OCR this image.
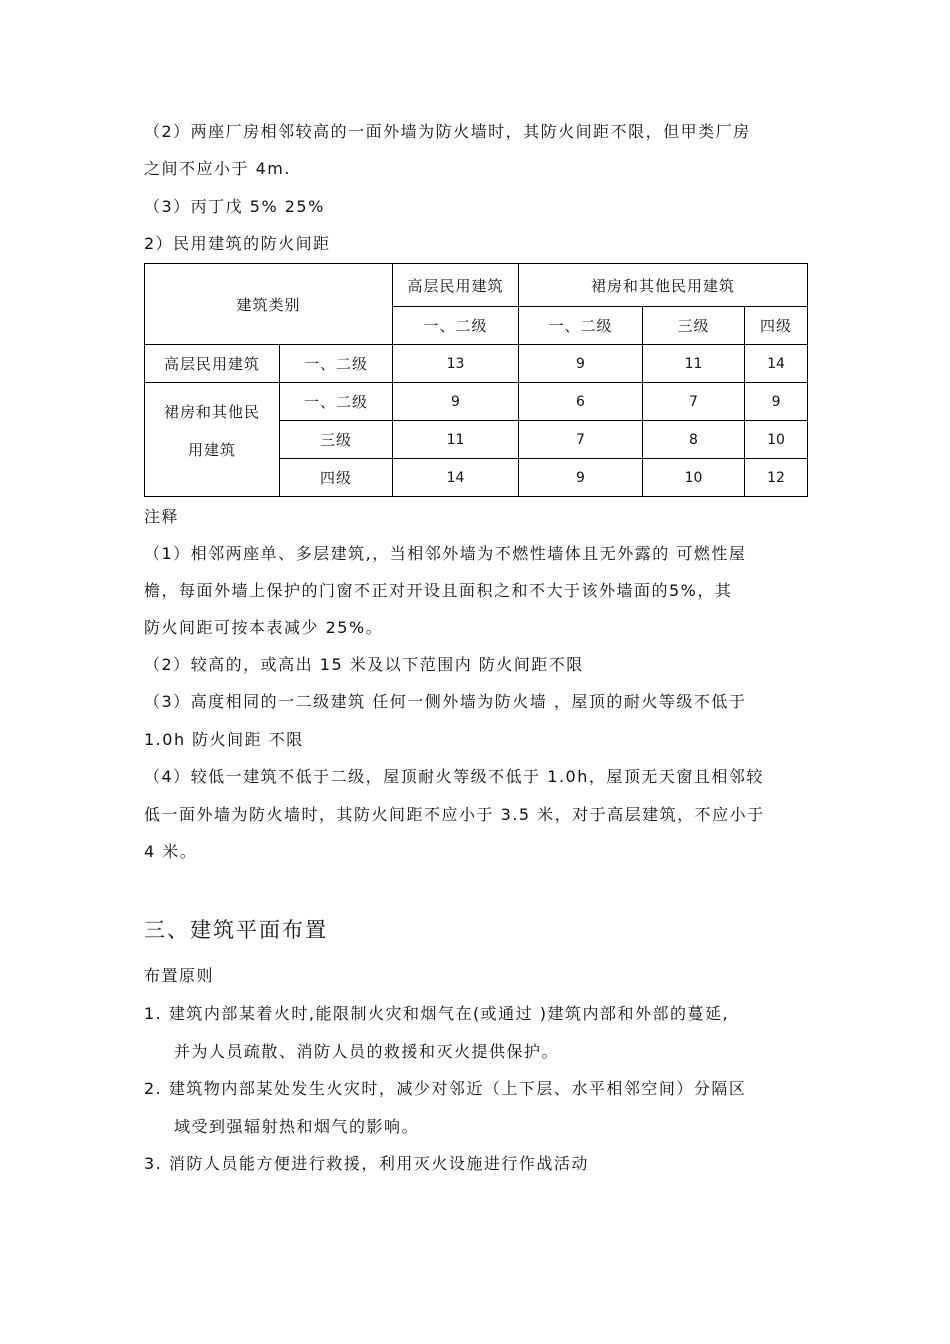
（2）两座厂房相邻较高的一面外墙为防火墙时，其防火间距不限，但甲类厂房

之间不应小于 4m.

（3）丙丁戊 5% 25%

2）民用建筑的防火间距

建筑类别		高层民用建筑	裙房和其他民用建筑		
		一、二级	一、二级	三级	四级
高层民用建筑	一、二级	13	9	11	14

裙房和其他民
用建筑	一、二级	9	6	7	9
	三级	11	7	8	10
	四级	14	9	10	12

注释

（1）相邻两座单、多层建筑,，当相邻外墙为不燃性墙体且无外露的 可燃性屋

檐，每面外墙上保护的门窗不正对开设且面积之和不大于该外墙面的5%，其

防火间距可按本表减少 25%。

（2）较高的，或高出 15 米及以下范围内 防火间距不限

（3）高度相同的一二级建筑 任何一侧外墙为防火墙 ，屋顶的耐火等级不低于

1.0h 防火间距 不限

（4）较低一建筑不低于二级，屋顶耐火等级不低于 1.0h，屋顶无天窗且相邻较

低一面外墙为防火墙时，其防火间距不应小于 3.5 米，对于高层建筑，不应小于

4 米。

三、建筑平面布置

布置原则

1. 建筑内部某着火时,能限制火灾和烟气在(或通过 )建筑内部和外部的蔓延,

并为人员疏散、消防人员的救援和灭火提供保护。

2. 建筑物内部某处发生火灾时，减少对邻近（上下层、水平相邻空间）分隔区

域受到强辐射热和烟气的影响。

3. 消防人员能方便进行救援，利用灭火设施进行作战活动
